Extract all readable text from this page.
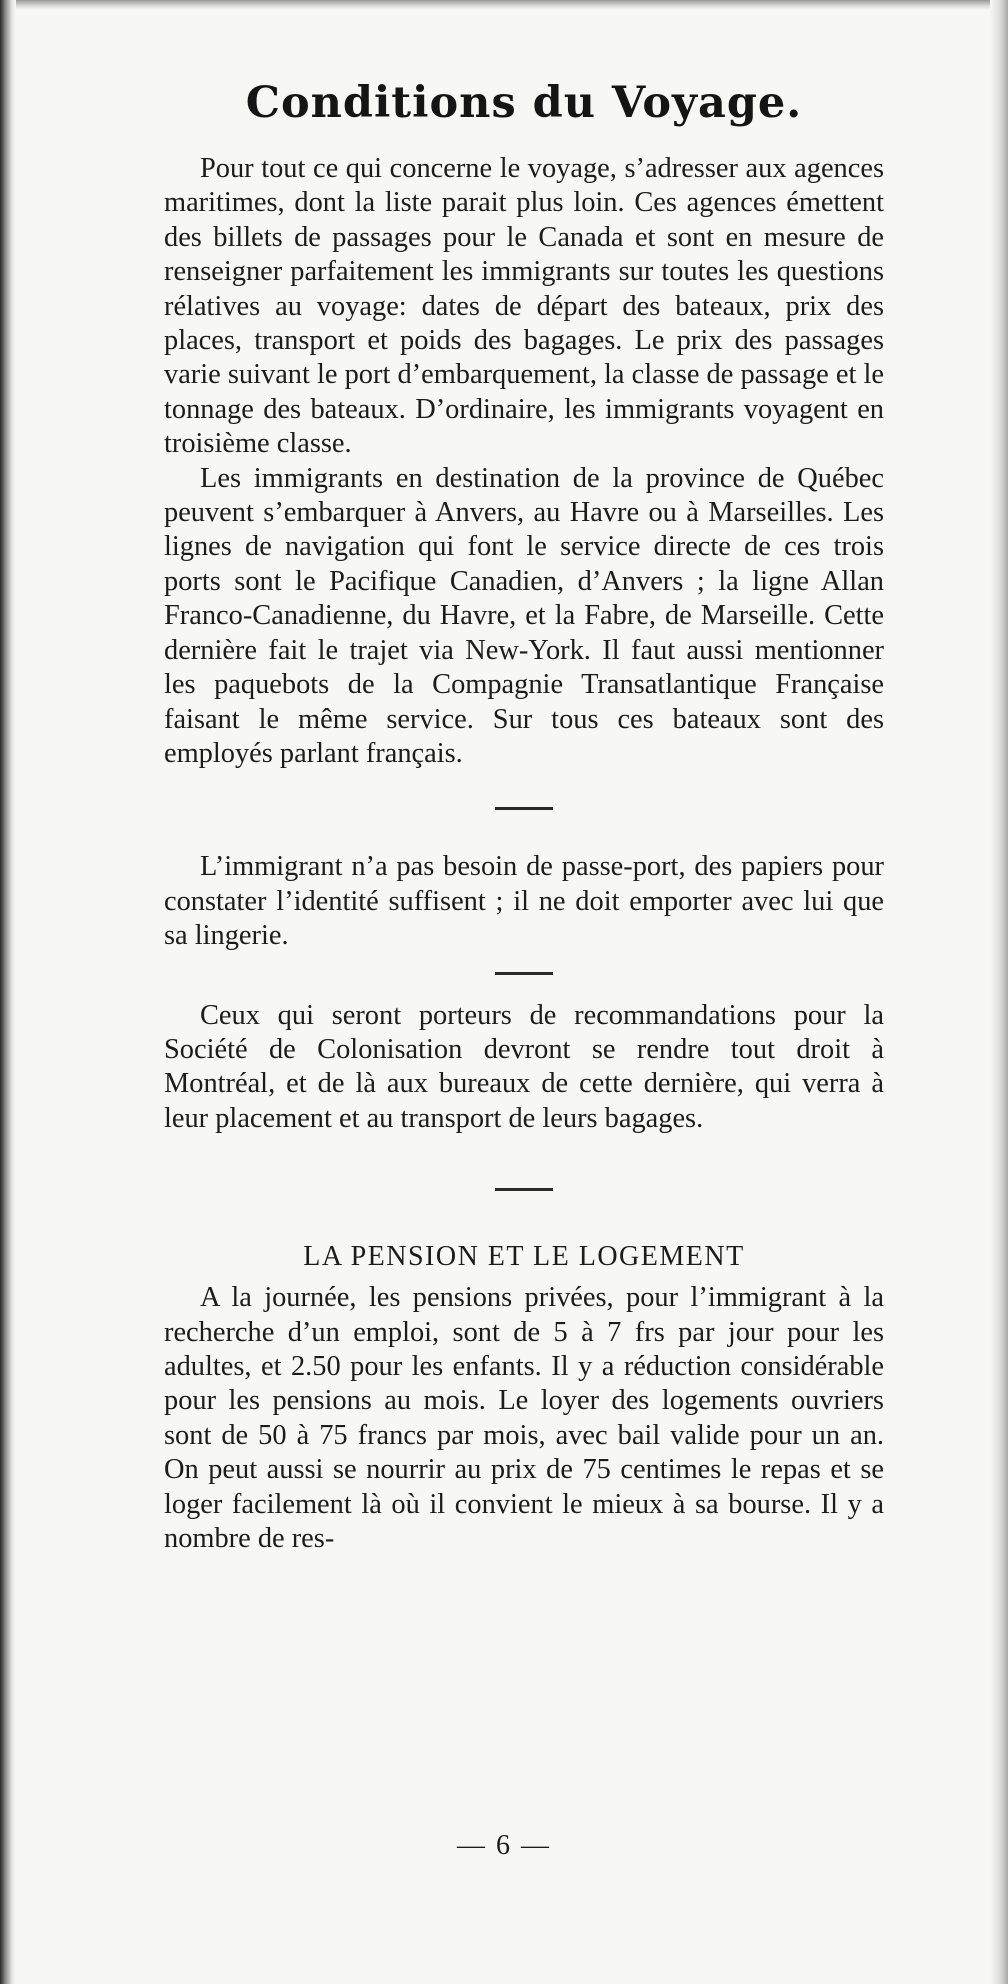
Conditions du Voyage.

Pour tout ce qui concerne le voyage, s’adresser aux agences maritimes, dont la liste parait plus loin. Ces agences émettent des billets de passages pour le Canada et sont en mesure de renseigner parfaitement les immigrants sur toutes les questions rélatives au voyage: dates de départ des bateaux, prix des places, transport et poids des bagages. Le prix des passages varie suivant le port d’embarquement, la classe de passage et le tonnage des bateaux. D’ordinaire, les immigrants voyagent en troisième classe.

Les immigrants en destination de la province de Québec peuvent s’embarquer à Anvers, au Havre ou à Marseilles. Les lignes de navigation qui font le service directe de ces trois ports sont le Pacifique Canadien, d’Anvers ; la ligne Allan Franco-Canadienne, du Havre, et la Fabre, de Marseille. Cette dernière fait le trajet via New-York. Il faut aussi mentionner les paquebots de la Compagnie Transatlantique Française faisant le même service. Sur tous ces bateaux sont des employés parlant français.

L’immigrant n’a pas besoin de passe-port, des papiers pour constater l’identité suffisent ; il ne doit emporter avec lui que sa lingerie.

Ceux qui seront porteurs de recommandations pour la Société de Colonisation devront se rendre tout droit à Montréal, et de là aux bureaux de cette dernière, qui verra à leur placement et au transport de leurs bagages.

LA PENSION ET LE LOGEMENT

A la journée, les pensions privées, pour l’immigrant à la recherche d’un emploi, sont de 5 à 7 frs par jour pour les adultes, et 2.50 pour les enfants. Il y a réduction considérable pour les pensions au mois. Le loyer des logements ouvriers sont de 50 à 75 francs par mois, avec bail valide pour un an. On peut aussi se nourrir au prix de 75 centimes le repas et se loger facilement là où il convient le mieux à sa bourse. Il y a nombre de res-

— 6 —
